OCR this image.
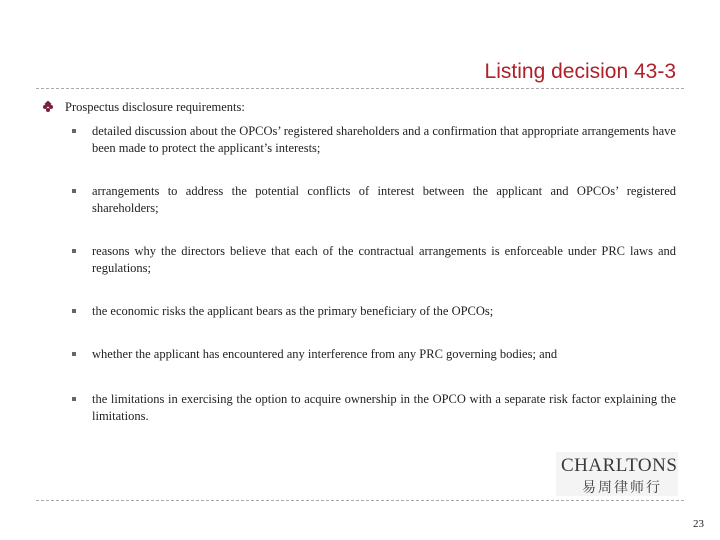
Listing decision 43-3
Prospectus disclosure requirements:
detailed discussion about the OPCOs’ registered shareholders and a confirmation that appropriate arrangements have been made to protect the applicant’s interests;
arrangements to address the potential conflicts of interest between the applicant and OPCOs’ registered shareholders;
reasons why the directors believe that each of the contractual arrangements is enforceable under PRC laws and regulations;
the economic risks the applicant bears as the primary beneficiary of the OPCOs;
whether the applicant has encountered any interference from any PRC governing bodies; and
the limitations in exercising the option to acquire ownership in the OPCO with a separate risk factor explaining the limitations.
CHARLTONS
易周律师行
23
